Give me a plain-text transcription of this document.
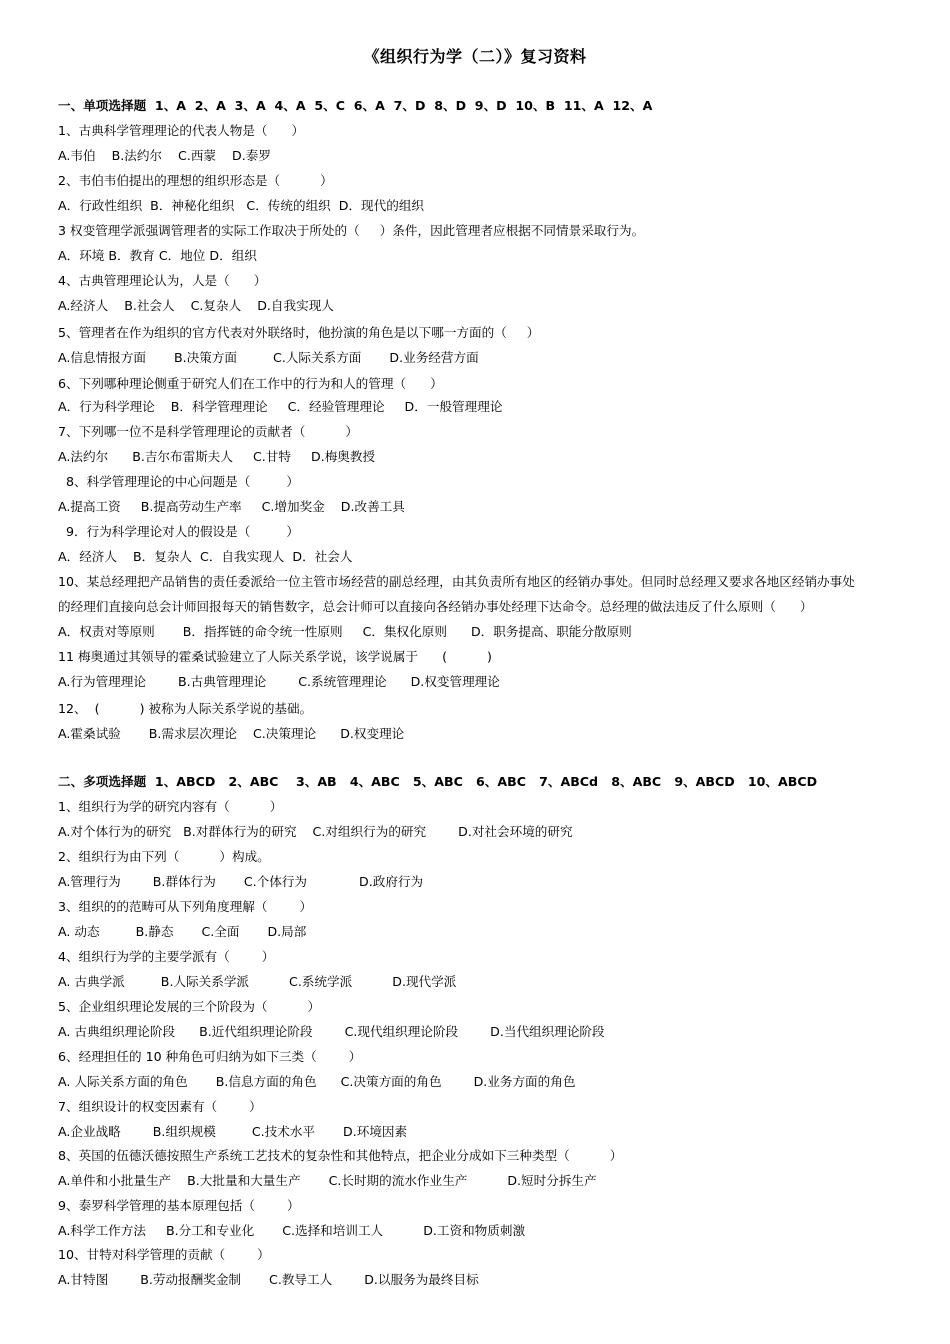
《组织行为学（二）》复习资料
一、单项选择题  1、A  2、A  3、A  4、A  5、C  6、A  7、D  8、D  9、D  10、B  11、A  12、A
1、古典科学管理理论的代表人物是（      ）
A.韦伯    B.法约尔    C.西蒙    D.泰罗
2、韦伯韦伯提出的理想的组织形态是（          ）
A．行政性组织  B．神秘化组织   C．传统的组织  D．现代的组织
3 权变管理学派强调管理者的实际工作取决于所处的（     ）条件，因此管理者应根据不同情景采取行为。
A．环境 B．教育 C．地位 D．组织
4、古典管理理论认为，人是（      ）
A.经济人    B.社会人    C.复杂人    D.自我实现人
5、管理者在作为组织的官方代表对外联络时，他扮演的角色是以下哪一方面的（     ）
A.信息情报方面       B.决策方面         C.人际关系方面       D.业务经营方面
6、下列哪种理论侧重于研究人们在工作中的行为和人的管理（      ）
A．行为科学理论    B．科学管理理论     C．经验管理理论     D．一般管理理论
7、下列哪一位不是科学管理理论的贡献者（          ）
A.法约尔      B.吉尔布雷斯夫人     C.甘特     D.梅奥教授
8、科学管理理论的中心问题是（         ）
A.提高工资     B.提高劳动生产率     C.增加奖金    D.改善工具
9．行为科学理论对人的假设是（         ）
A．经济人    B．复杂人  C．自我实现人  D．社会人
10、某总经理把产品销售的责任委派给一位主管市场经营的副总经理，由其负责所有地区的经销办事处。但同时总经理又要求各地区经销办事处
的经理们直接向总会计师回报每天的销售数字，总会计师可以直接向各经销办事处经理下达命令。总经理的做法违反了什么原则（      ）
A．权责对等原则       B．指挥链的命令统一性原则     C．集权化原则      D．职务提高、职能分散原则
11 梅奥通过其领导的霍桑试验建立了人际关系学说，该学说属于      (          )
A.行为管理理论        B.古典管理理论        C.系统管理理论      D.权变管理理论
12、  (          ) 被称为人际关系学说的基础。
A.霍桑试验       B.需求层次理论    C.决策理论      D.权变理论
二、多项选择题  1、ABCD   2、ABC    3、AB   4、ABC   5、ABC   6、ABC   7、ABCd   8、ABC   9、ABCD   10、ABCD
1、组织行为学的研究内容有（          ）
A.对个体行为的研究   B.对群体行为的研究    C.对组织行为的研究        D.对社会环境的研究
2、组织行为由下列（          ）构成。
A.管理行为        B.群体行为       C.个体行为             D.政府行为
3、组织的的范畴可从下列角度理解（        ）
A. 动态         B.静态       C.全面       D.局部
4、组织行为学的主要学派有（        ）
A. 古典学派         B.人际关系学派          C.系统学派          D.现代学派
5、企业组织理论发展的三个阶段为（          ）
A. 古典组织理论阶段      B.近代组织理论阶段        C.现代组织理论阶段        D.当代组织理论阶段
6、经理担任的 10 种角色可归纳为如下三类（        ）
A. 人际关系方面的角色       B.信息方面的角色      C.决策方面的角色        D.业务方面的角色
7、组织设计的权变因素有（        ）
A.企业战略        B.组织规模         C.技术水平       D.环境因素
8、英国的伍德沃德按照生产系统工艺技术的复杂性和其他特点，把企业分成如下三种类型（          ）
A.单件和小批量生产    B.大批量和大量生产       C.长时期的流水作业生产          D.短时分拆生产
9、泰罗科学管理的基本原理包括（        ）
A.科学工作方法     B.分工和专业化       C.选择和培训工人          D.工资和物质刺激
10、甘特对科学管理的贡献（        ）
A.甘特图        B.劳动报酬奖金制       C.教导工人        D.以服务为最终目标
